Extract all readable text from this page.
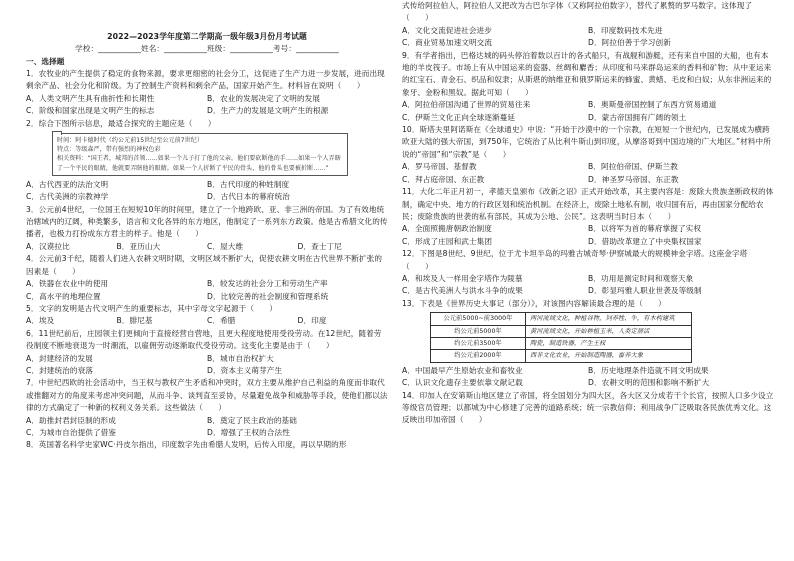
2022—2023学年度第二学期高一级年级3月份月考试题
学校：___________姓名：___________班级：___________考号：___________
一、选择题
1．农牧业的产生提供了稳定的食物来源，要求更细密的社会分工，这促进了生产力进一步发展，进而出现剩余产品、社会分化和阶级。为了控制生产资料和剩余产品，国家开始产生。材料旨在说明（　　）
A．人类文明产生具有曲折性和长期性	B．农业的发展决定了文明的发展
C．阶级和国家出现是文明产生的标志	D．生产力的发展是文明产生的根源
2．综合下图所示信息，最适合探究的主题应是（　　）
时间：阿卡德时代（约公元前15世纪至公元前7世纪）
特点：等级森严，带有强烈的神权色彩
相关资料：“国王者，城邦的首领……如果一个儿子打了他的父亲，他们要砍断他的手……如果一个人弄瞎了一个平民的眼睛，他就要弄瞎他的眼睛。如果一个人折断了平民的骨头，他的骨头也要被折断……”
A．古代西亚的法治文明	B．古代印度的种姓制度
C．古代美洲的宗教神学	D．古代日本的幕府统治
3．公元前4世纪，一位国王在短短10年的时间里，建立了一个地跨欧、亚、非三洲的帝国。为了有效地统治辖域内的辽阔，种类繁多，语言和文化各异的东方地区，他制定了一系列东方政策。他是古希腊文化的传播者，也极力打扮成东方君主的样子。他是（　　）
A．汉谟拉比	B．亚历山大	C．屋大维	D．查士丁尼
4．公元前3千纪，随着人们进入农耕文明时期，文明区域不断扩大，促使农耕文明在古代世界不断扩张的因素是（　　）
A．铁器在农业中的使用	B．较发达的社会分工和劳动生产率
C．高水平的地理位置	D．比较完善的社会制度和管理系统
5．文字的发明是古代文明产生的重要标志，其中字母文字起源于（　　）
A．埃及	B．腓尼基	C．希腊	D．印度
6．11世纪前后，庄园领主们更倾向于直接经营自营地，且更大程度地使用受役劳动。在12世纪，随着劳役制度不断地衰退为一时潮流，以雇佣劳动逐渐取代受役劳动。这变化主要是由于（　　）
A．封建经济的发展	B．城市自治权扩大
C．封建统治的衰落	D．资本主义萌芽产生
7．中世纪西欧的社会活动中，当王权与教权产生矛盾和冲突时，双方主要从维护自己利益的角度而非取代或推翻对方的角度来考虑冲突问题，从而斗争、谈判直至妥协，尽量避免战争和威胁等手段，使他们都以法律的方式确定了一种新的权利义务关系。这些做法（　　）
A．助推封君封臣制的形成	B．奠定了民主政治的基础
C．为城市自治提供了借鉴	D．增强了王权的合法性
8．英国著名科学史家WC·丹皮尔指出，印度数字先由希腊人发明，后传入印度，再以早期的形
式传给阿拉伯人，阿拉伯人又把改为古巴尔字体（又称阿拉伯数字），替代了累赘的罗马数字。这体现了（　　）
A．文化交流促进社会进步	B．印度数码技术先进
C．商业贸易加速文明交流	D．阿拉伯善于学习创新
9．有学者指出，巴格达城的码头停泊着数以百计的各式船只，有战舰和游艇，还有来自中国的大船，也有本地的羊皮筏子。市场上有从中国运来的瓷器、丝绸和麝香；从印度和马来群岛运来的香料和矿物；从中亚运来的红宝石、青金石、织品和奴隶；从斯堪的纳维亚和俄罗斯运来的蜂蜜、黄蜡、毛皮和白奴；从东非洲运来的象牙、金粉和黑奴。据此可知（　　）
A．阿拉伯帝国沟通了世界的贸易往来	B．奥斯曼帝国控制了东西方贸易通道
C．伊斯兰文化正向全球逐渐蔓延	D．蒙古帝国拥有广阔的领土
10．斯塔夫里阿诺斯在《全球通史》中说：“开始于沙漠中的一个宗教，在短短一个世纪内，已发展成为横跨欧亚大陆的强大帝国，到750年，它统治了从比利牛斯山到印度，从摩洛哥到中国边境的广大地区。”材料中所说的“帝国”和“宗教”是（　　）
A．罗马帝国、基督教	B．阿拉伯帝国、伊斯兰教
C．拜占庭帝国、东正教	D．神圣罗马帝国、东正教
11．大化二年正月初一，孝德天皇颁布《改新之诏》正式开始改革，其主要内容是：废除大贵族垄断政权的体制，确定中央、地方的行政区划和统治机制。在经济上，废除土地私有制，收归国有后，再由国家分配给农民；废除贵族的世袭的私有部民，其成为公地、公民”。这表明当时日本（　　）
A．全面照搬唐朝政治制度	B．以将军为首的幕府掌握了实权
C．形成了庄园和武士集团	D．借助改革建立了中央集权国家
12．下图是8世纪、9世纪，位于尤卡坦半岛的玛雅古城奇琴·伊察城最大的规模神金字塔。这座金字塔（　　）
A．和埃及人一样用金字塔作为陵墓	B．功用是测定时间和观察天象
C．是古代美洲人与洪水斗争的成果	D．彰显玛雅人职业世袭及等级制
13．下表是《世界历史大事记（部分）》，对该图内容解读最合理的是（　　）
公元前5000~前3000年	两河流域文化，种植谷物，饲养牲、牛，有木构建筑
约公元前5000年	黄河流域文化，开始种植玉米，人类定居活
约公元前3500年	陶瓷，制造铁器，产生王权
约公元前2000年	西非文化农业，开始制造陶器，畜养大象
A．中国最早产生原始农业和畜牧业	B．历史地理条件造就不同文明成果
C．认识文化遗存主要依靠文献记载	D．农耕文明的范围和影响不断扩大
14．印加人在安第斯山地区建立了帝国，将全国划分为四大区，各大区又分成若干个长官，按照人口多少设立等级官员管理；以都城为中心修建了完善的道路系统；统一宗教信仰；利用战争广泛吸取各民族优秀文化。这反映出印加帝国（　　）
